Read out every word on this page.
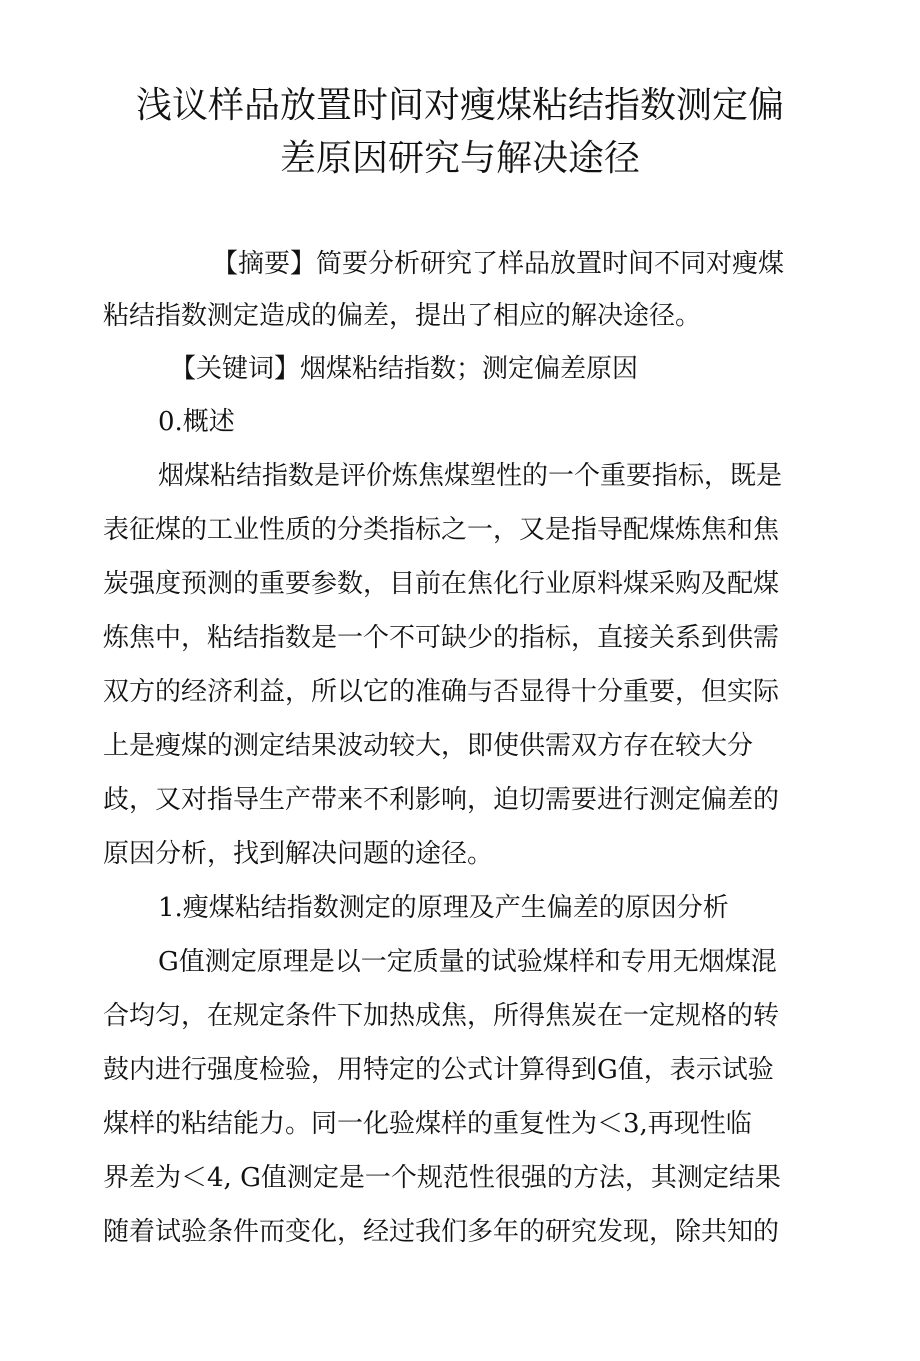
浅议样品放置时间对瘦煤粘结指数测定偏
差原因研究与解决途径
【摘要】简要分析研究了样品放置时间不同对瘦煤
粘结指数测定造成的偏差，提出了相应的解决途径。
【关键词】烟煤粘结指数；测定偏差原因
0.概述
烟煤粘结指数是评价炼焦煤塑性的一个重要指标，既是
表征煤的工业性质的分类指标之一，又是指导配煤炼焦和焦
炭强度预测的重要参数，目前在焦化行业原料煤采购及配煤
炼焦中，粘结指数是一个不可缺少的指标，直接关系到供需
双方的经济利益，所以它的准确与否显得十分重要，但实际
上是瘦煤的测定结果波动较大，即使供需双方存在较大分
歧，又对指导生产带来不利影响，迫切需要进行测定偏差的
原因分析，找到解决问题的途径。
1.瘦煤粘结指数测定的原理及产生偏差的原因分析
G值测定原理是以一定质量的试验煤样和专用无烟煤混
合均匀，在规定条件下加热成焦，所得焦炭在一定规格的转
鼓内进行强度检验，用特定的公式计算得到G值，表示试验
煤样的粘结能力。同一化验煤样的重复性为＜3,再现性临
界差为＜4, G值测定是一个规范性很强的方法，其测定结果
随着试验条件而变化，经过我们多年的研究发现，除共知的
